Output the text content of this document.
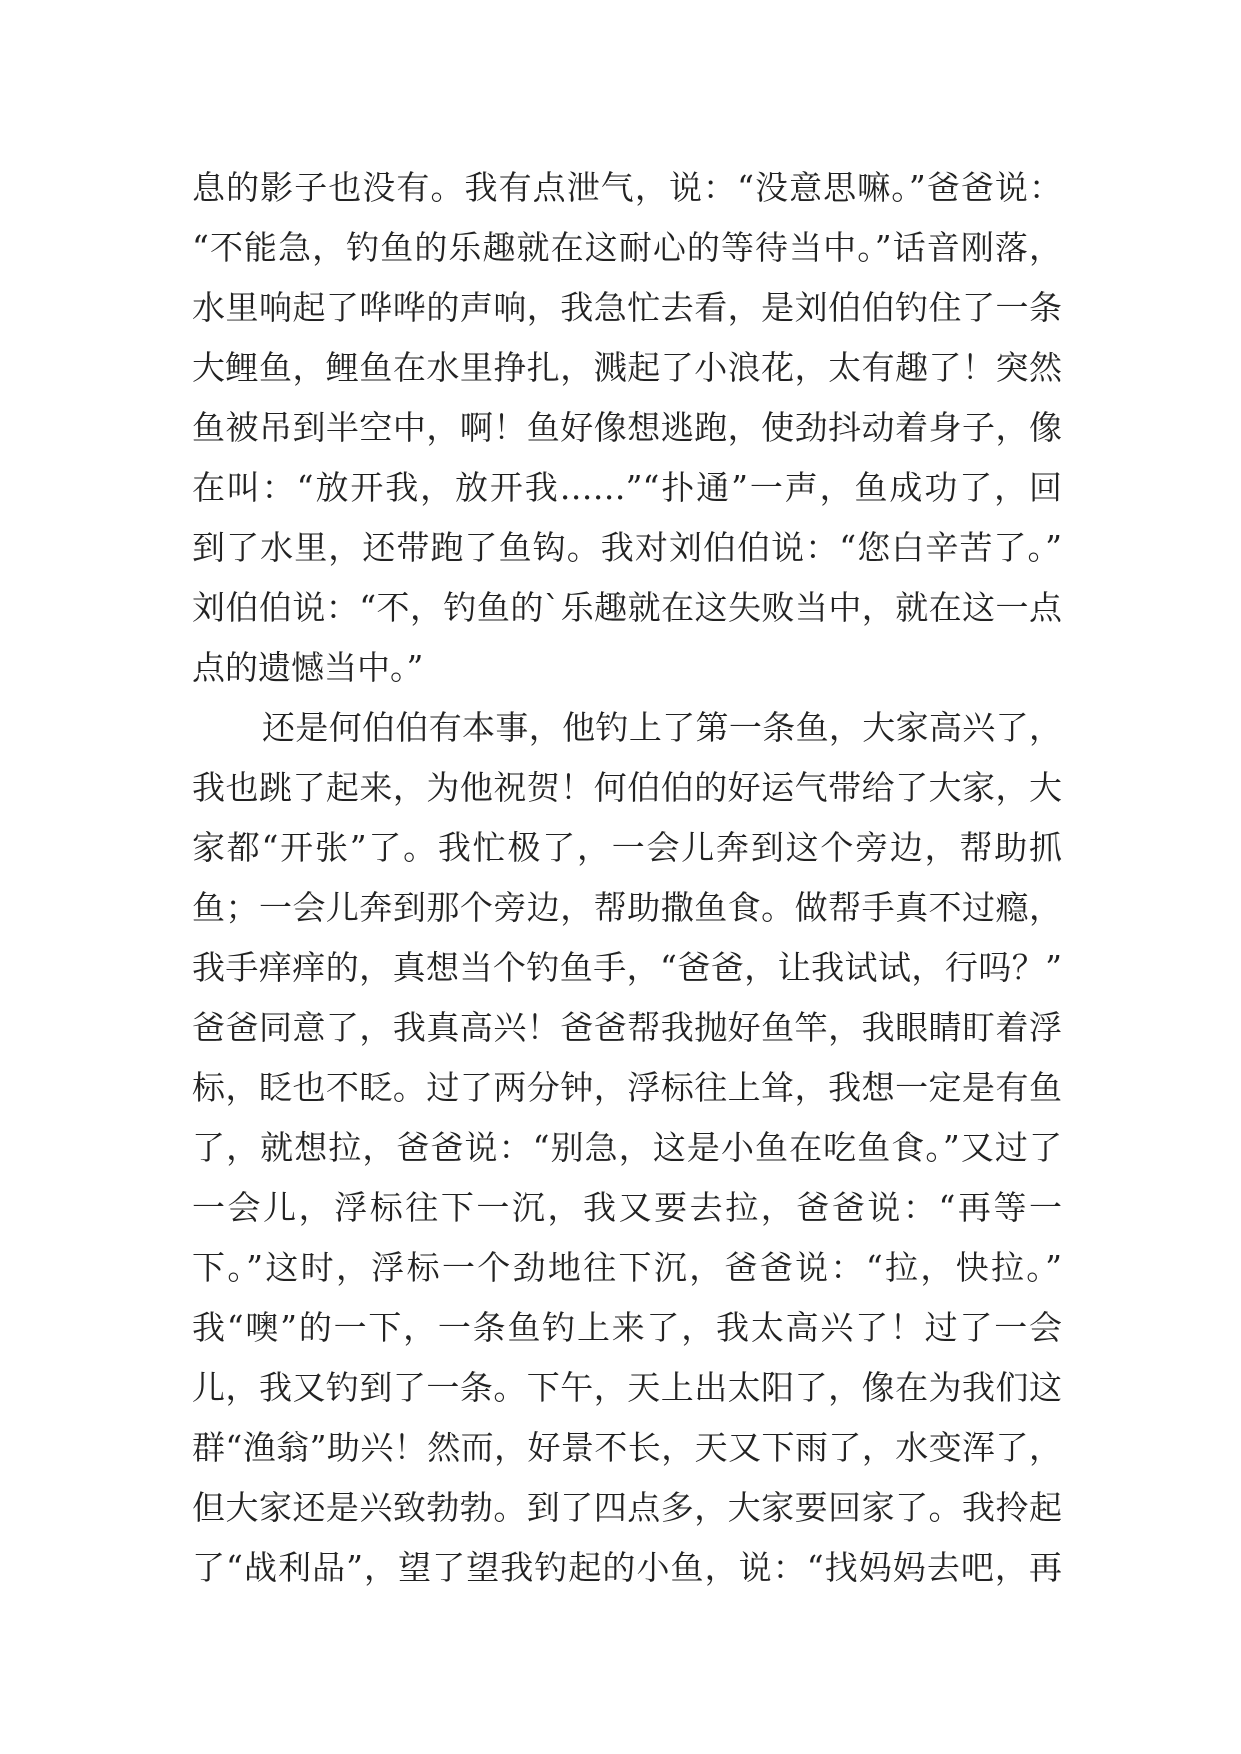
息的影子也没有。我有点泄气，说：“没意思嘛。”爸爸说：
“不能急，钓鱼的乐趣就在这耐心的等待当中。”话音刚落，
水里响起了哗哗的声响，我急忙去看，是刘伯伯钓住了一条
大鲤鱼，鲤鱼在水里挣扎，溅起了小浪花，太有趣了！突然
鱼被吊到半空中，啊！鱼好像想逃跑，使劲抖动着身子，像
在叫：“放开我，放开我……”“扑通”一声，鱼成功了，回
到了水里，还带跑了鱼钩。我对刘伯伯说：“您白辛苦了。”
刘伯伯说：“不，钓鱼的`乐趣就在这失败当中，就在这一点
点的遗憾当中。”
还是何伯伯有本事，他钓上了第一条鱼，大家高兴了，
我也跳了起来，为他祝贺！何伯伯的好运气带给了大家，大
家都“开张”了。我忙极了，一会儿奔到这个旁边，帮助抓
鱼；一会儿奔到那个旁边，帮助撒鱼食。做帮手真不过瘾，
我手痒痒的，真想当个钓鱼手，“爸爸，让我试试，行吗？”
爸爸同意了，我真高兴！爸爸帮我抛好鱼竿，我眼睛盯着浮
标，眨也不眨。过了两分钟，浮标往上耸，我想一定是有鱼
了，就想拉，爸爸说：“别急，这是小鱼在吃鱼食。”又过了
一会儿，浮标往下一沉，我又要去拉，爸爸说：“再等一
下。”这时，浮标一个劲地往下沉，爸爸说：“拉，快拉。”
我“噢”的一下，一条鱼钓上来了，我太高兴了！过了一会
儿，我又钓到了一条。下午，天上出太阳了，像在为我们这
群“渔翁”助兴！然而，好景不长，天又下雨了，水变浑了，
但大家还是兴致勃勃。到了四点多，大家要回家了。我拎起
了“战利品”，望了望我钓起的小鱼，说：“找妈妈去吧，再
